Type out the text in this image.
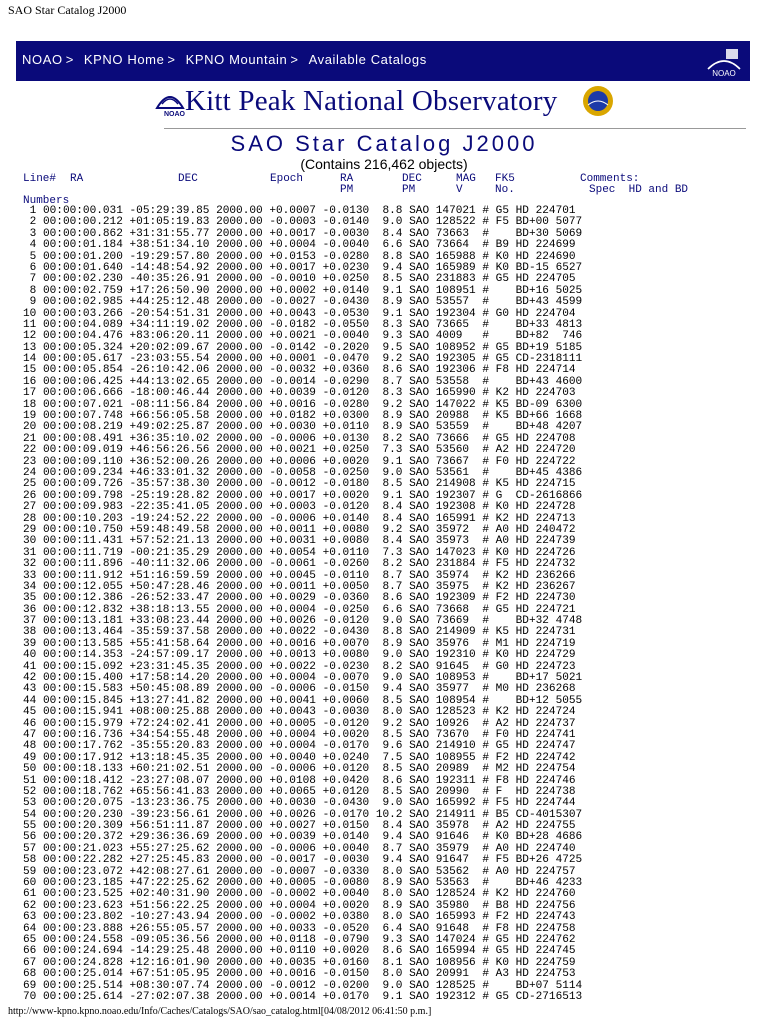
SAO Star Catalog J2000
NOAO > KPNO Home > KPNO Mountain > Available Catalogs
NOAO
NOAO Kitt Peak National Observatory
SAO Star Catalog J2000
(Contains 216,462 objects)
Line# RA	DEC	Epoch	RA
PM
DEC
PM
MAG
V
FK5
No.
Comments:
Spec  HD and BD
Numbers
1 00:00:00.031 -05:29:39.85 2000.00 +0.0007 -0.0130  8.8 SAO 147021 # G5 HD 224701
2 00:00:00.212 +01:05:19.83 2000.00 -0.0003 -0.0140  9.0 SAO 128522 # F5 BD+00 5077
3 00:00:00.862 +31:31:55.77 2000.00 +0.0017 -0.0030  8.4 SAO 73663  #    BD+30 5069
4 00:00:01.184 +38:51:34.10 2000.00 +0.0004 -0.0040  6.6 SAO 73664  # B9 HD 224699
5 00:00:01.200 -19:29:57.80 2000.00 +0.0153 -0.0280  8.8 SAO 165988 # K0 HD 224690
6 00:00:01.640 -14:48:54.92 2000.00 +0.0017 +0.0230  9.4 SAO 165989 # K0 BD-15 6527
7 00:00:02.230 -40:35:26.91 2000.00 -0.0010 +0.0250  8.5 SAO 231883 # G5 HD 224705
8 00:00:02.759 +17:26:50.90 2000.00 +0.0002 +0.0140  9.1 SAO 108951 #    BD+16 5025
9 00:00:02.985 +44:25:12.48 2000.00 -0.0027 -0.0430  8.9 SAO 53557  #    BD+43 4599
10 00:00:03.266 -20:54:51.31 2000.00 +0.0043 -0.0530  9.1 SAO 192304 # G0 HD 224704
11 00:00:04.089 +34:11:19.02 2000.00 -0.0182 -0.0550  8.3 SAO 73665  #    BD+33 4813
12 00:00:04.476 +83:06:20.11 2000.00 +0.0021 -0.0040  9.3 SAO 4009   #    BD+82  746
13 00:00:05.324 +20:02:09.67 2000.00 -0.0142 -0.2020  9.5 SAO 108952 # G5 BD+19 5185
14 00:00:05.617 -23:03:55.54 2000.00 +0.0001 -0.0470  9.2 SAO 192305 # G5 CD-2318111
15 00:00:05.854 -26:10:42.06 2000.00 -0.0032 +0.0360  8.6 SAO 192306 # F8 HD 224714
16 00:00:06.425 +44:13:02.65 2000.00 -0.0014 -0.0290  8.7 SAO 53558  #    BD+43 4600
17 00:00:06.666 -18:00:46.44 2000.00 +0.0039 -0.0120  8.3 SAO 165990 # K2 HD 224703
18 00:00:07.021 -08:11:56.84 2000.00 +0.0016 -0.0280  9.2 SAO 147022 # K5 BD-09 6300
19 00:00:07.748 +66:56:05.58 2000.00 +0.0182 +0.0300  8.9 SAO 20988  # K5 BD+66 1668
20 00:00:08.219 +49:02:25.87 2000.00 +0.0030 +0.0110  8.9 SAO 53559  #    BD+48 4207
21 00:00:08.491 +36:35:10.02 2000.00 -0.0006 +0.0130  8.2 SAO 73666  # G5 HD 224708
22 00:00:09.019 +46:56:26.56 2000.00 +0.0021 +0.0250  7.3 SAO 53560  # A2 HD 224720
23 00:00:09.110 +36:52:00.26 2000.00 +0.0006 +0.0020  9.1 SAO 73667  # F0 HD 224722
24 00:00:09.234 +46:33:01.32 2000.00 -0.0058 -0.0250  9.0 SAO 53561  #    BD+45 4386
25 00:00:09.726 -35:57:38.30 2000.00 -0.0012 -0.0180  8.5 SAO 214908 # K5 HD 224715
26 00:00:09.798 -25:19:28.82 2000.00 +0.0017 +0.0020  9.1 SAO 192307 # G  CD-2616866
27 00:00:09.983 -22:35:41.05 2000.00 +0.0003 -0.0120  8.4 SAO 192308 # K0 HD 224728
28 00:00:10.203 -19:24:52.22 2000.00 -0.0006 +0.0140  8.4 SAO 165991 # K2 HD 224713
29 00:00:10.750 +59:48:49.58 2000.00 +0.0011 +0.0080  9.2 SAO 35972  # A0 HD 240472
30 00:00:11.431 +57:52:21.13 2000.00 +0.0031 +0.0080  8.4 SAO 35973  # A0 HD 224739
31 00:00:11.719 -00:21:35.29 2000.00 +0.0054 +0.0110  7.3 SAO 147023 # K0 HD 224726
32 00:00:11.896 -40:11:32.06 2000.00 -0.0061 -0.0260  8.2 SAO 231884 # F5 HD 224732
33 00:00:11.912 +51:16:59.59 2000.00 +0.0045 -0.0110  8.7 SAO 35974  # K2 HD 236266
34 00:00:12.055 +50:47:28.46 2000.00 +0.0011 +0.0050  8.7 SAO 35975  # K2 HD 236267
35 00:00:12.386 -26:52:33.47 2000.00 +0.0029 -0.0360  8.6 SAO 192309 # F2 HD 224730
36 00:00:12.832 +38:18:13.55 2000.00 +0.0004 -0.0250  6.6 SAO 73668  # G5 HD 224721
37 00:00:13.181 +33:08:23.44 2000.00 +0.0026 -0.0120  9.0 SAO 73669  #    BD+32 4748
38 00:00:13.464 -35:59:37.58 2000.00 +0.0022 -0.0430  8.8 SAO 214909 # K5 HD 224731
39 00:00:13.585 +55:41:58.64 2000.00 +0.0016 +0.0070  8.9 SAO 35976  # M1 HD 224719
40 00:00:14.353 -24:57:09.17 2000.00 +0.0013 +0.0080  9.0 SAO 192310 # K0 HD 224729
41 00:00:15.092 +23:31:45.35 2000.00 +0.0022 -0.0230  8.2 SAO 91645  # G0 HD 224723
42 00:00:15.400 +17:58:14.20 2000.00 +0.0004 -0.0070  9.0 SAO 108953 #    BD+17 5021
43 00:00:15.583 +50:45:08.89 2000.00 -0.0006 -0.0150  9.4 SAO 35977  # M0 HD 236268
44 00:00:15.845 +13:27:41.82 2000.00 +0.0041 +0.0060  8.5 SAO 108954 #    BD+12 5055
45 00:00:15.941 +08:00:25.88 2000.00 +0.0043 -0.0030  8.0 SAO 128523 # K2 HD 224724
46 00:00:15.979 +72:24:02.41 2000.00 +0.0005 -0.0120  9.2 SAO 10926  # A2 HD 224737
47 00:00:16.736 +34:54:55.48 2000.00 +0.0004 +0.0020  8.5 SAO 73670  # F0 HD 224741
48 00:00:17.762 -35:55:20.83 2000.00 +0.0004 -0.0170  9.6 SAO 214910 # G5 HD 224747
49 00:00:17.912 +13:18:45.35 2000.00 +0.0040 +0.0240  7.5 SAO 108955 # F2 HD 224742
50 00:00:18.133 +60:21:02.51 2000.00 -0.0006 +0.0120  8.5 SAO 20989  # M2 HD 224754
51 00:00:18.412 -23:27:08.07 2000.00 +0.0108 +0.0420  8.6 SAO 192311 # F8 HD 224746
52 00:00:18.762 +65:56:41.83 2000.00 +0.0065 +0.0120  8.5 SAO 20990  # F  HD 224738
53 00:00:20.075 -13:23:36.75 2000.00 +0.0030 -0.0430  9.0 SAO 165992 # F5 HD 224744
54 00:00:20.230 -39:23:56.61 2000.00 +0.0026 -0.0170 10.2 SAO 214911 # B5 CD-4015307
55 00:00:20.309 +56:51:11.87 2000.00 +0.0027 +0.0150  8.4 SAO 35978  # A2 HD 224755
56 00:00:20.372 +29:36:36.69 2000.00 +0.0039 +0.0140  9.4 SAO 91646  # K0 BD+28 4686
57 00:00:21.023 +55:27:25.62 2000.00 -0.0006 +0.0040  8.7 SAO 35979  # A0 HD 224740
58 00:00:22.282 +27:25:45.83 2000.00 -0.0017 -0.0030  9.4 SAO 91647  # F5 BD+26 4725
59 00:00:23.072 +42:08:27.61 2000.00 -0.0007 -0.0330  8.0 SAO 53562  # A0 HD 224757
60 00:00:23.185 +47:22:25.62 2000.00 +0.0005 -0.0080  8.9 SAO 53563  #    BD+46 4233
61 00:00:23.525 +02:40:31.90 2000.00 -0.0002 +0.0040  8.0 SAO 128524 # K2 HD 224760
62 00:00:23.623 +51:56:22.25 2000.00 +0.0004 +0.0020  8.9 SAO 35980  # B8 HD 224756
63 00:00:23.802 -10:27:43.94 2000.00 -0.0002 +0.0380  8.0 SAO 165993 # F2 HD 224743
64 00:00:23.888 +26:55:05.57 2000.00 +0.0033 -0.0520  6.4 SAO 91648  # F8 HD 224758
65 00:00:24.558 -09:05:36.56 2000.00 +0.0118 -0.0790  9.3 SAO 147024 # G5 HD 224762
66 00:00:24.694 -14:29:25.48 2000.00 +0.0110 +0.0020  8.6 SAO 165994 # G5 HD 224745
67 00:00:24.828 +12:16:01.90 2000.00 +0.0035 +0.0160  8.1 SAO 108956 # K0 HD 224759
68 00:00:25.014 +67:51:05.95 2000.00 +0.0016 -0.0150  8.0 SAO 20991  # A3 HD 224753
69 00:00:25.514 +08:30:07.74 2000.00 -0.0012 -0.0200  9.0 SAO 128525 #    BD+07 5114
70 00:00:25.614 -27:02:07.38 2000.00 +0.0014 +0.0170  9.1 SAO 192312 # G5 CD-2716513
http://www-kpno.kpno.noao.edu/Info/Caches/Catalogs/SAO/sao_catalog.html[04/08/2012 06:41:50 p.m.]
